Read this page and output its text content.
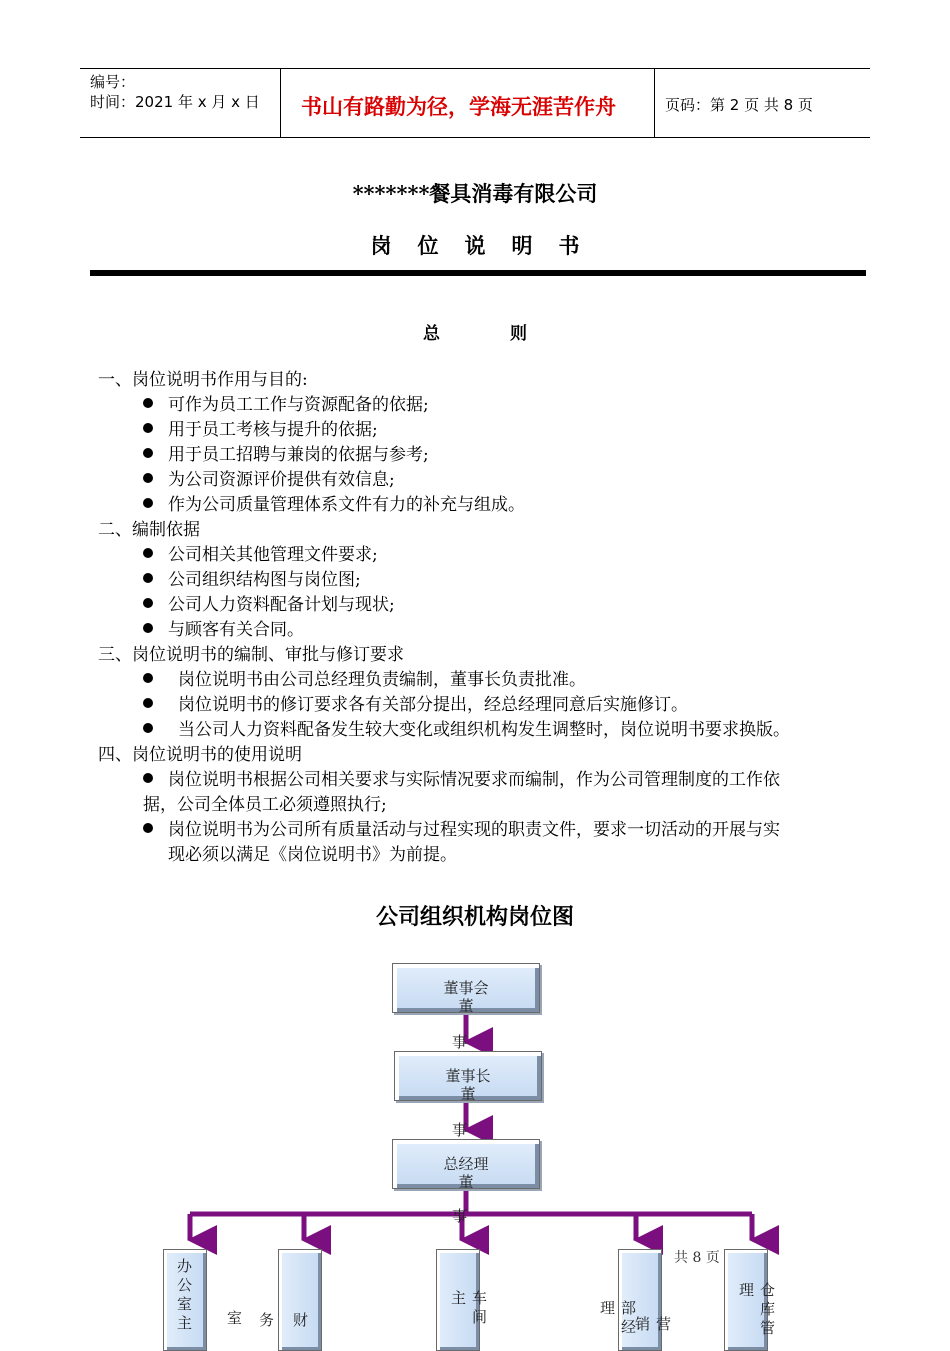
编号：
时间：2021 年 x 月 x 日 书山有路勤为径，学海无涯苦作舟	页码：第 2 页 共 8 页
*******餐具消毒有限公司
岗位说明书
总则
一、岗位说明书作用与目的:
可作为员工工作与资源配备的依据;
用于员工考核与提升的依据;
用于员工招聘与兼岗的依据与参考;
为公司资源评价提供有效信息;
作为公司质量管理体系文件有力的补充与组成。
二、编制依据
公司相关其他管理文件要求;
公司组织结构图与岗位图;
公司人力资料配备计划与现状;
与顾客有关合同。
三、岗位说明书的编制、审批与修订要求
岗位说明书由公司总经理负责编制，董事长负责批准。
岗位说明书的修订要求各有关部分提出，经总经理同意后实施修订。
当公司人力资料配备发生较大变化或组织机构发生调整时，岗位说明书要求换版。
四、岗位说明书的使用说明
岗位说明书根据公司相关要求与实际情况要求而编制，作为公司管理制度的工作依
据，公司全体员工必须遵照执行;
岗位说明书为公司所有质量活动与过程实现的职责文件，要求一切活动的开展与实
现必须以满足《岗位说明书》为前提。
公司组织机构岗位图
董事会
董
事
董事长
董
事
总经理
董
事
办公室主	财
务
室	车间主
营销
部经理	仓库管理
共 8 页
